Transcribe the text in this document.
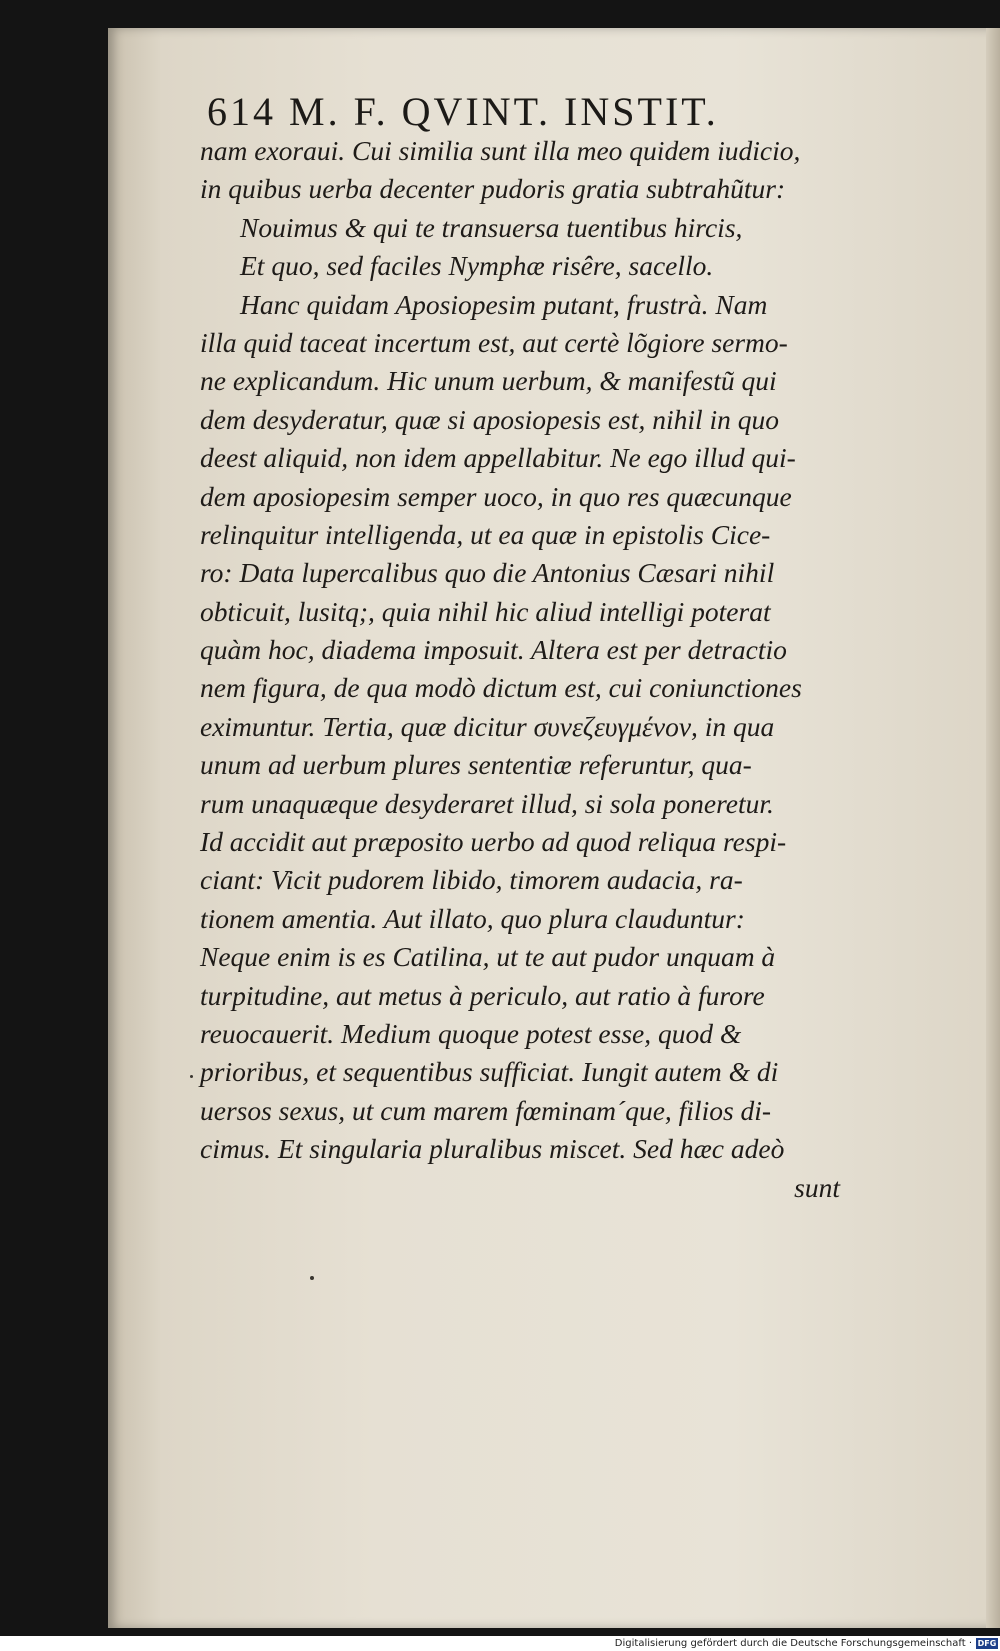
614 M. F. QVINT. INSTIT.
nam exoraui. Cui similia sunt illa meo quidem iudicio,
in quibus uerba decenter pudoris gratia subtrahũtur:
Nouimus & qui te transuersa tuentibus hircis,
Et quo, sed faciles Nymphæ risêre, sacello.
Hanc quidam Aposiopesim putant, frustrà. Nam
illa quid taceat incertum est, aut certè lõgiore sermo-
ne explicandum. Hic unum uerbum, & manifestũ qui
dem desyderatur, quæ si aposiopesis est, nihil in quo
deest aliquid, non idem appellabitur. Ne ego illud qui-
dem aposiopesim semper uoco, in quo res quæcunque
relinquitur intelligenda, ut ea quæ in epistolis Cice-
ro: Data lupercalibus quo die Antonius Cæsari nihil
obticuit, lusitq;, quia nihil hic aliud intelligi poterat
quàm hoc, diadema imposuit. Altera est per detractio
nem figura, de qua modò dictum est, cui coniunctiones
eximuntur. Tertia, quæ dicitur συνεζευγμένον, in qua
unum ad uerbum plures sententiæ referuntur, qua-
rum unaquæque desyderaret illud, si sola poneretur.
Id accidit aut præposito uerbo ad quod reliqua respi-
ciant: Vicit pudorem libido, timorem audacia, ra-
tionem amentia. Aut illato, quo plura clauduntur:
Neque enim is es Catilina, ut te aut pudor unquam à
turpitudine, aut metus à periculo, aut ratio à furore
reuocauerit. Medium quoque potest esse, quod &
prioribus, et sequentibus sufficiat. Iungit autem & di
uersos sexus, ut cum marem fœminam´que, filios di-
cimus. Et singularia pluralibus miscet. Sed hæc adeò
sunt
Digitalisierung gefördert durch die Deutsche Forschungsgemeinschaft · DFG
